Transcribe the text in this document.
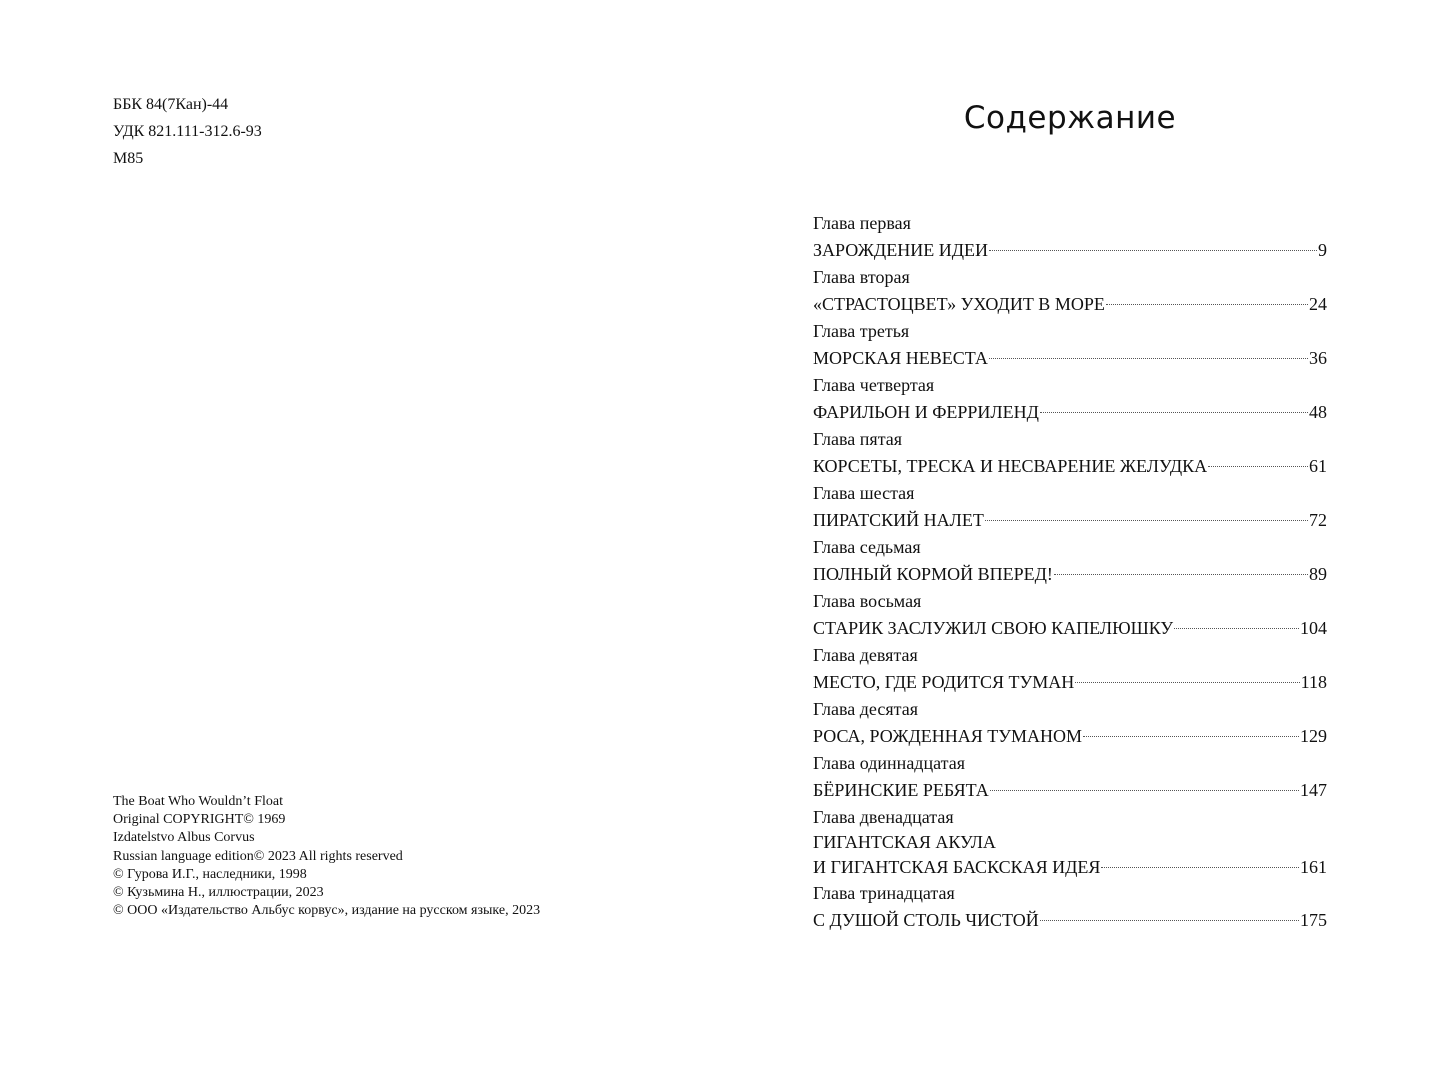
ББК 84(7Кан)-44
УДК 821.111-312.6-93
М85
The Boat Who Wouldn’t Float
Original COPYRIGHT© 1969
Izdatelstvo Albus Corvus
Russian language edition© 2023 All rights reserved
© Гурова И.Г., наследники, 1998
© Кузьмина Н., иллюстрации, 2023
© ООО «Издательство Альбус корвус», издание на русском языке, 2023
Содержание
Глава первая
ЗАРОЖДЕНИЕ ИДЕИ	9
Глава вторая
«СТРАСТОЦВЕТ» УХОДИТ В МОРЕ	24
Глава третья
МОРСКАЯ НЕВЕСТА	36
Глава четвертая
ФАРИЛЬОН И ФЕРРИЛЕНД	48
Глава пятая
КОРСЕТЫ, ТРЕСКА И НЕСВАРЕНИЕ ЖЕЛУДКА	61
Глава шестая
ПИРАТСКИЙ НАЛЕТ	72
Глава седьмая
ПОЛНЫЙ КОРМОЙ ВПЕРЕД!	89
Глава восьмая
СТАРИК ЗАСЛУЖИЛ СВОЮ КАПЕЛЮШКУ	104
Глава девятая
МЕСТО, ГДЕ РОДИТСЯ ТУМАН	118
Глава десятая
РОСА, РОЖДЕННАЯ ТУМАНОМ	129
Глава одиннадцатая
БЁРИНСКИЕ РЕБЯТА	147
Глава двенадцатая
ГИГАНТСКАЯ АКУЛА
И ГИГАНТСКАЯ БАСКСКАЯ ИДЕЯ	161
Глава тринадцатая
С ДУШОЙ СТОЛЬ ЧИСТОЙ	175
